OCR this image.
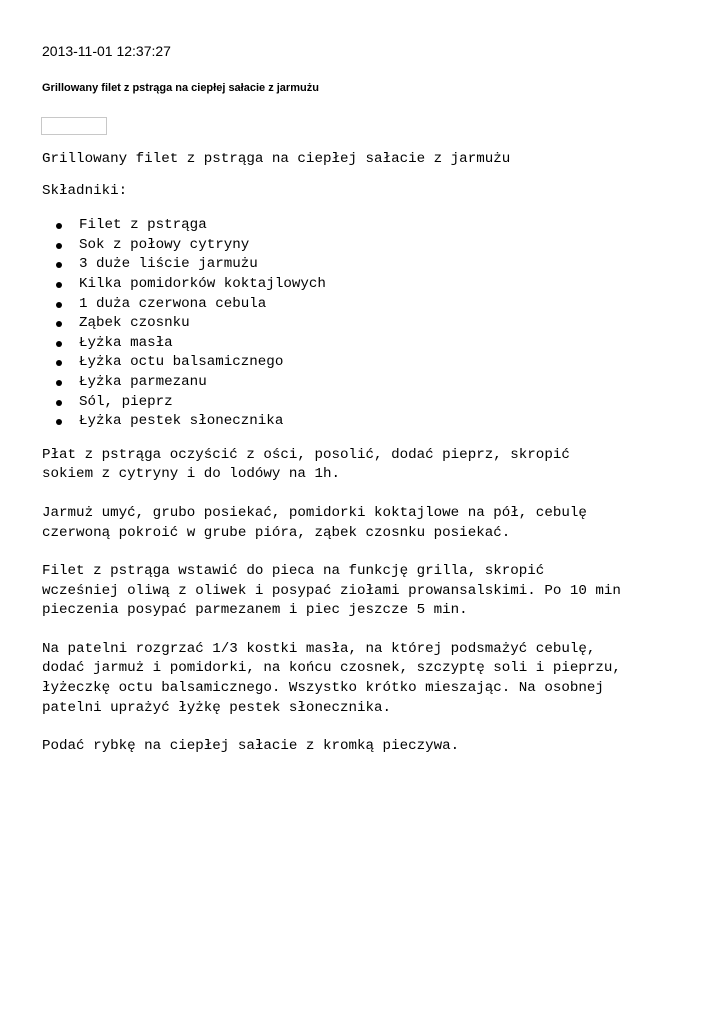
2013-11-01 12:37:27
Grillowany filet z pstrąga na ciepłej sałacie z jarmużu

Grillowany filet z pstrąga na ciepłej sałacie z jarmużu

Składniki:

Filet z pstrąga
Sok z połowy cytryny
3 duże liście jarmużu
Kilka pomidorków koktajlowych
1 duża czerwona cebula
Ząbek czosnku
Łyżka masła
Łyżka octu balsamicznego
Łyżka parmezanu
Sól, pieprz
Łyżka pestek słonecznika

Płat z pstrąga oczyścić z ości, posolić, dodać pieprz, skropić
sokiem z cytryny i do lodówy na 1h.

Jarmuż umyć, grubo posiekać, pomidorki koktajlowe na pół, cebulę
czerwoną pokroić w grube pióra, ząbek czosnku posiekać.

Filet z pstrąga wstawić do pieca na funkcję grilla, skropić
wcześniej oliwą z oliwek i posypać ziołami prowansalskimi. Po 10 min
pieczenia posypać parmezanem i piec jeszcze 5 min.

Na patelni rozgrzać 1/3 kostki masła, na której podsmażyć cebulę,
dodać jarmuż i pomidorki, na końcu czosnek, szczyptę soli i pieprzu,
łyżeczkę octu balsamicznego. Wszystko krótko mieszając. Na osobnej
patelni uprażyć łyżkę pestek słonecznika.

Podać rybkę na ciepłej sałacie z kromką pieczywa.
